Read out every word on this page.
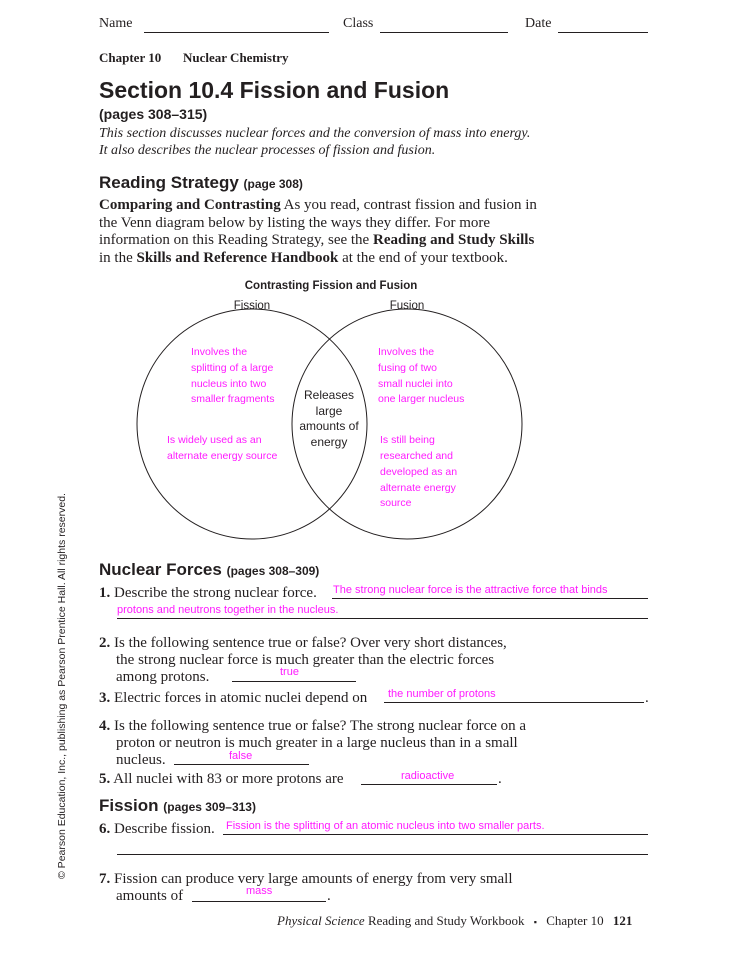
Name	Class	Date
Chapter 10 Nuclear Chemistry
Section 10.4 Fission and Fusion
(pages 308–315)
This section discusses nuclear forces and the conversion of mass into energy.
It also describes the nuclear processes of fission and fusion.
Reading Strategy (page 308)
Comparing and Contrasting As you read, contrast fission and fusion in
the Venn diagram below by listing the ways they differ. For more
information on this Reading Strategy, see the Reading and Study Skills
in the Skills and Reference Handbook at the end of your textbook.
Contrasting Fission and Fusion
Fission	Fusion
Involves the
splitting of a large
nucleus into two
smaller fragments
Is widely used as an
alternate energy source
Involves the
fusing of two
small nuclei into
one larger nucleus
Is still being
researched and
developed as an
alternate energy
source
Releases
large
amounts of
energy
© Pearson Education, Inc., publishing as Pearson Prentice Hall. All rights reserved. Nuclear Forces (pages 308–309)
1. Describe the strong nuclear force. The strong nuclear force is the attractive force that binds
protons and neutrons together in the nucleus.
2. Is the following sentence true or false? Over very short distances,
the strong nuclear force is much greater than the electric forces
among protons.	true
3. Electric forces in atomic nuclei depend on the number of protons	.
4. Is the following sentence true or false? The strong nuclear force on a
proton or neutron is much greater in a large nucleus than in a small
nucleus.	false
5. All nuclei with 83 or more protons are	radioactive	.
Fission (pages 309–313)
6. Describe fission. Fission is the splitting of an atomic nucleus into two smaller parts.
7. Fission can produce very large amounts of energy from very small
amounts of	mass	.
Physical Science Reading and Study Workbook ▪ Chapter 10 121
